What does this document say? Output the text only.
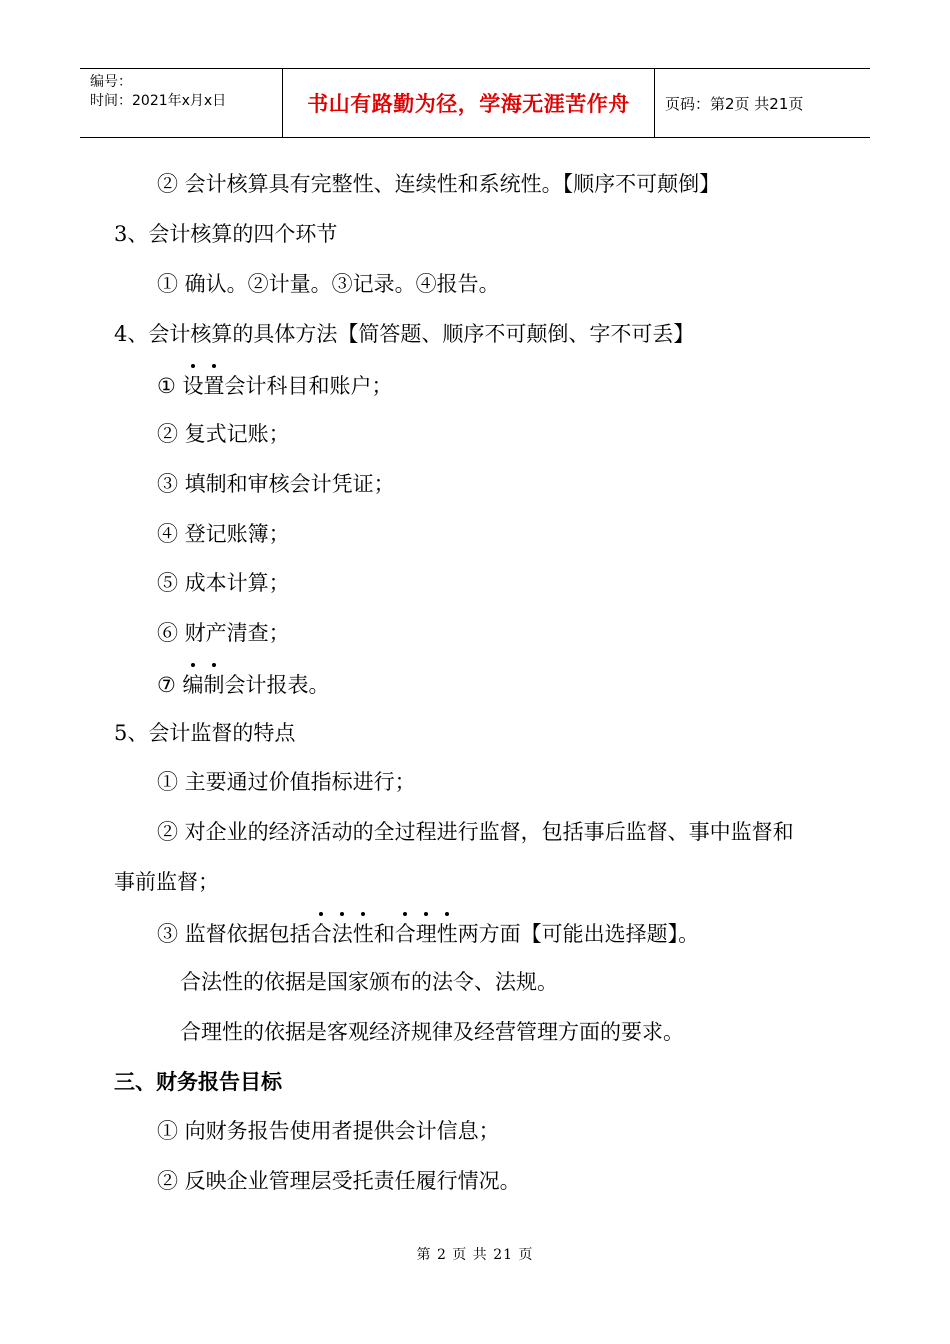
编号：
时间：2021年x月x日	书山有路勤为径，学海无涯苦作舟	页码：第2页 共21页
② 会计核算具有完整性、连续性和系统性。【顺序不可颠倒】
3、会计核算的四个环节
① 确认。②计量。③记录。④报告。
4、会计核算的具体方法【简答题、顺序不可颠倒、字不可丢】
① 设置会计科目和账户；
② 复式记账；
③ 填制和审核会计凭证；
④ 登记账簿；
⑤ 成本计算；
⑥ 财产清查；
⑦ 编制会计报表。
5、会计监督的特点
① 主要通过价值指标进行；
② 对企业的经济活动的全过程进行监督，包括事后监督、事中监督和
事前监督；
③ 监督依据包括合法性和合理性两方面【可能出选择题】。
合法性的依据是国家颁布的法令、法规。
合理性的依据是客观经济规律及经营管理方面的要求。
三、财务报告目标
① 向财务报告使用者提供会计信息；
② 反映企业管理层受托责任履行情况。
第 2 页 共 21 页
